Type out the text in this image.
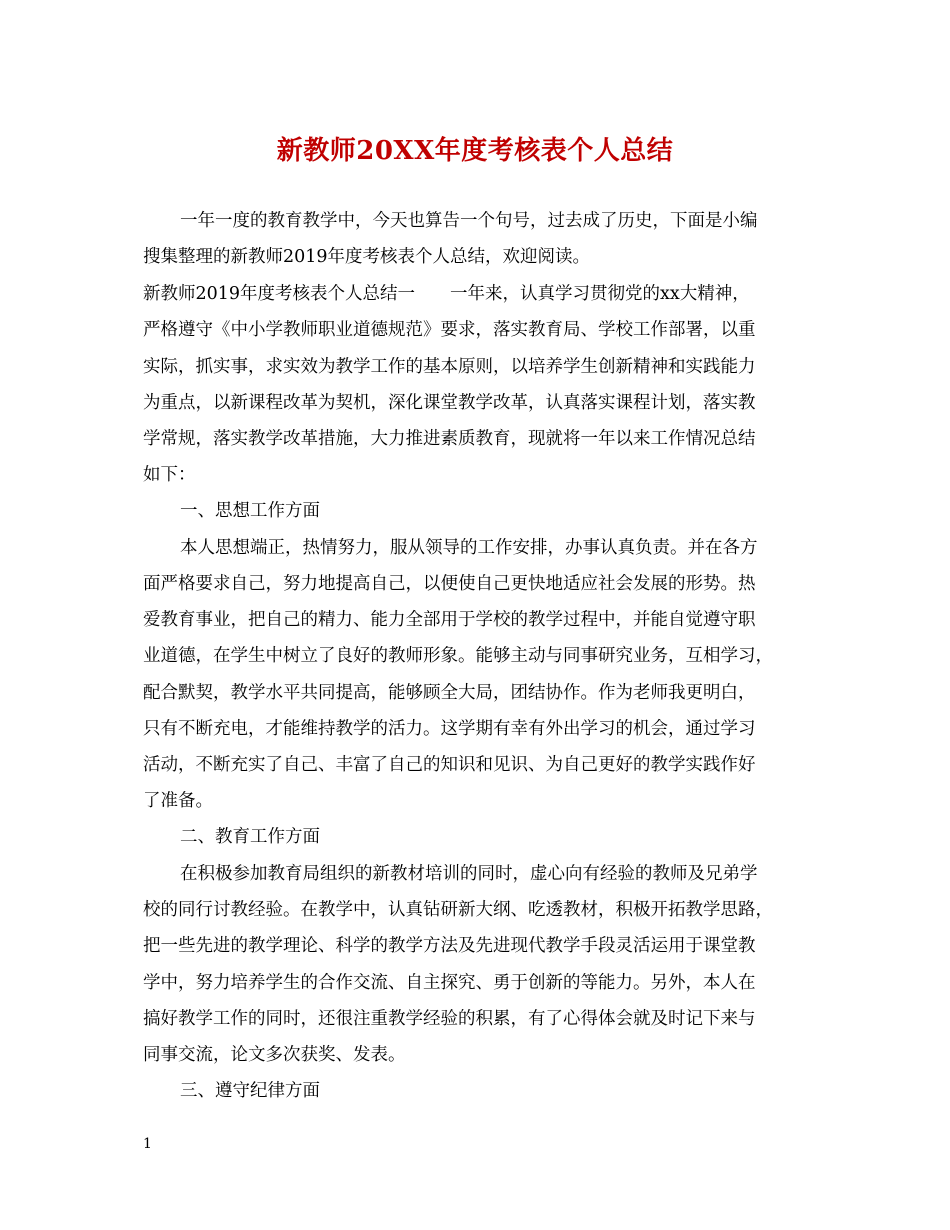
新教师20XX年度考核表个人总结

一年一度的教育教学中，今天也算告一个句号，过去成了历史，下面是小编

搜集整理的新教师2019年度考核表个人总结，欢迎阅读。

新教师2019年度考核表个人总结一　　一年来，认真学习贯彻党的xx大精神，

严格遵守《中小学教师职业道德规范》要求，落实教育局、学校工作部署，以重

实际，抓实事，求实效为教学工作的基本原则，以培养学生创新精神和实践能力

为重点，以新课程改革为契机，深化课堂教学改革，认真落实课程计划，落实教

学常规，落实教学改革措施，大力推进素质教育，现就将一年以来工作情况总结

如下：

一、思想工作方面

本人思想端正，热情努力，服从领导的工作安排，办事认真负责。并在各方

面严格要求自己，努力地提高自己，以便使自己更快地适应社会发展的形势。热

爱教育事业，把自己的精力、能力全部用于学校的教学过程中，并能自觉遵守职

业道德，在学生中树立了良好的教师形象。能够主动与同事研究业务，互相学习，

配合默契，教学水平共同提高，能够顾全大局，团结协作。作为老师我更明白，

只有不断充电，才能维持教学的活力。这学期有幸有外出学习的机会，通过学习

活动，不断充实了自己、丰富了自己的知识和见识、为自己更好的教学实践作好

了准备。

二、教育工作方面

在积极参加教育局组织的新教材培训的同时，虚心向有经验的教师及兄弟学

校的同行讨教经验。在教学中，认真钻研新大纲、吃透教材，积极开拓教学思路，

把一些先进的教学理论、科学的教学方法及先进现代教学手段灵活运用于课堂教

学中，努力培养学生的合作交流、自主探究、勇于创新的等能力。另外，本人在

搞好教学工作的同时，还很注重教学经验的积累，有了心得体会就及时记下来与

同事交流，论文多次获奖、发表。

三、遵守纪律方面

1
